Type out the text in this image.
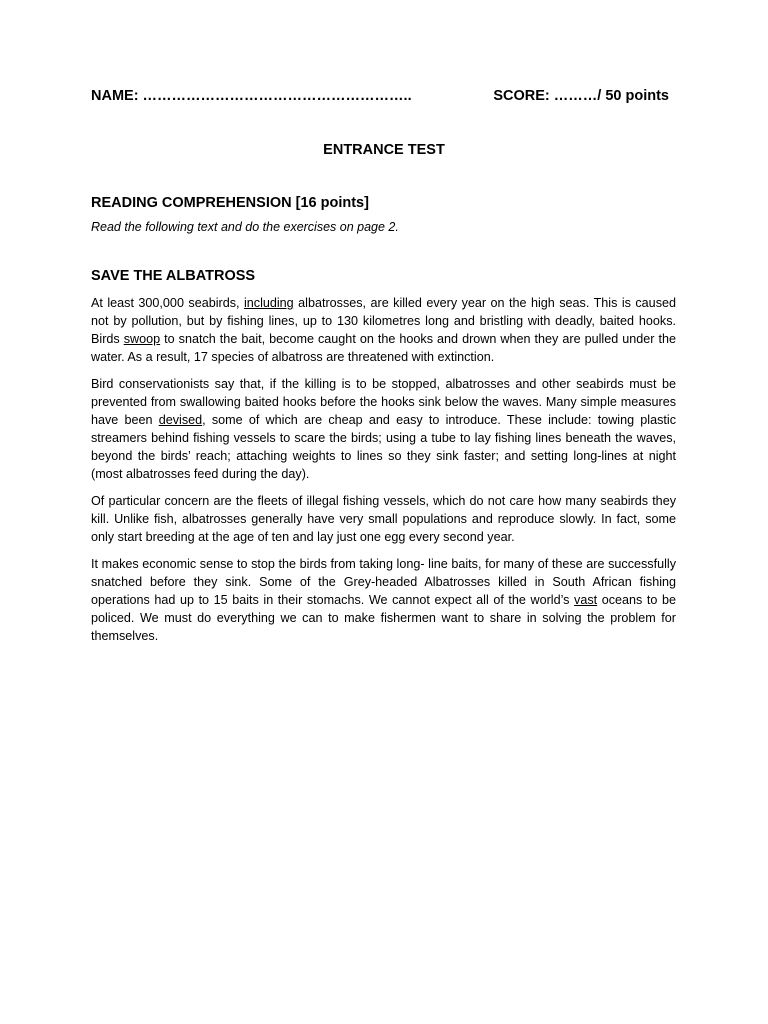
NAME: ………………………………………………..	SCORE: ………/ 50 points
ENTRANCE TEST
READING COMPREHENSION [16 points]
Read the following text and do the exercises on page 2.
SAVE THE ALBATROSS

At least 300,000 seabirds, including albatrosses, are killed every year on the high seas. This is caused not by pollution, but by fishing lines, up to 130 kilometres long and bristling with deadly, baited hooks. Birds swoop to snatch the bait, become caught on the hooks and drown when they are pulled under the water. As a result, 17 species of albatross are threatened with extinction.

Bird conservationists say that, if the killing is to be stopped, albatrosses and other seabirds must be prevented from swallowing baited hooks before the hooks sink below the waves. Many simple measures have been devised, some of which are cheap and easy to introduce. These include: towing plastic streamers behind fishing vessels to scare the birds; using a tube to lay fishing lines beneath the waves, beyond the birds’ reach; attaching weights to lines so they sink faster; and setting long-lines at night (most albatrosses feed during the day).

Of particular concern are the fleets of illegal fishing vessels, which do not care how many seabirds they kill. Unlike fish, albatrosses generally have very small populations and reproduce slowly. In fact, some only start breeding at the age of ten and lay just one egg every second year.

It makes economic sense to stop the birds from taking long- line baits, for many of these are successfully snatched before they sink. Some of the Grey-headed Albatrosses killed in South African fishing operations had up to 15 baits in their stomachs. We cannot expect all of the world’s vast oceans to be policed. We must do everything we can to make fishermen want to share in solving the problem for themselves.
